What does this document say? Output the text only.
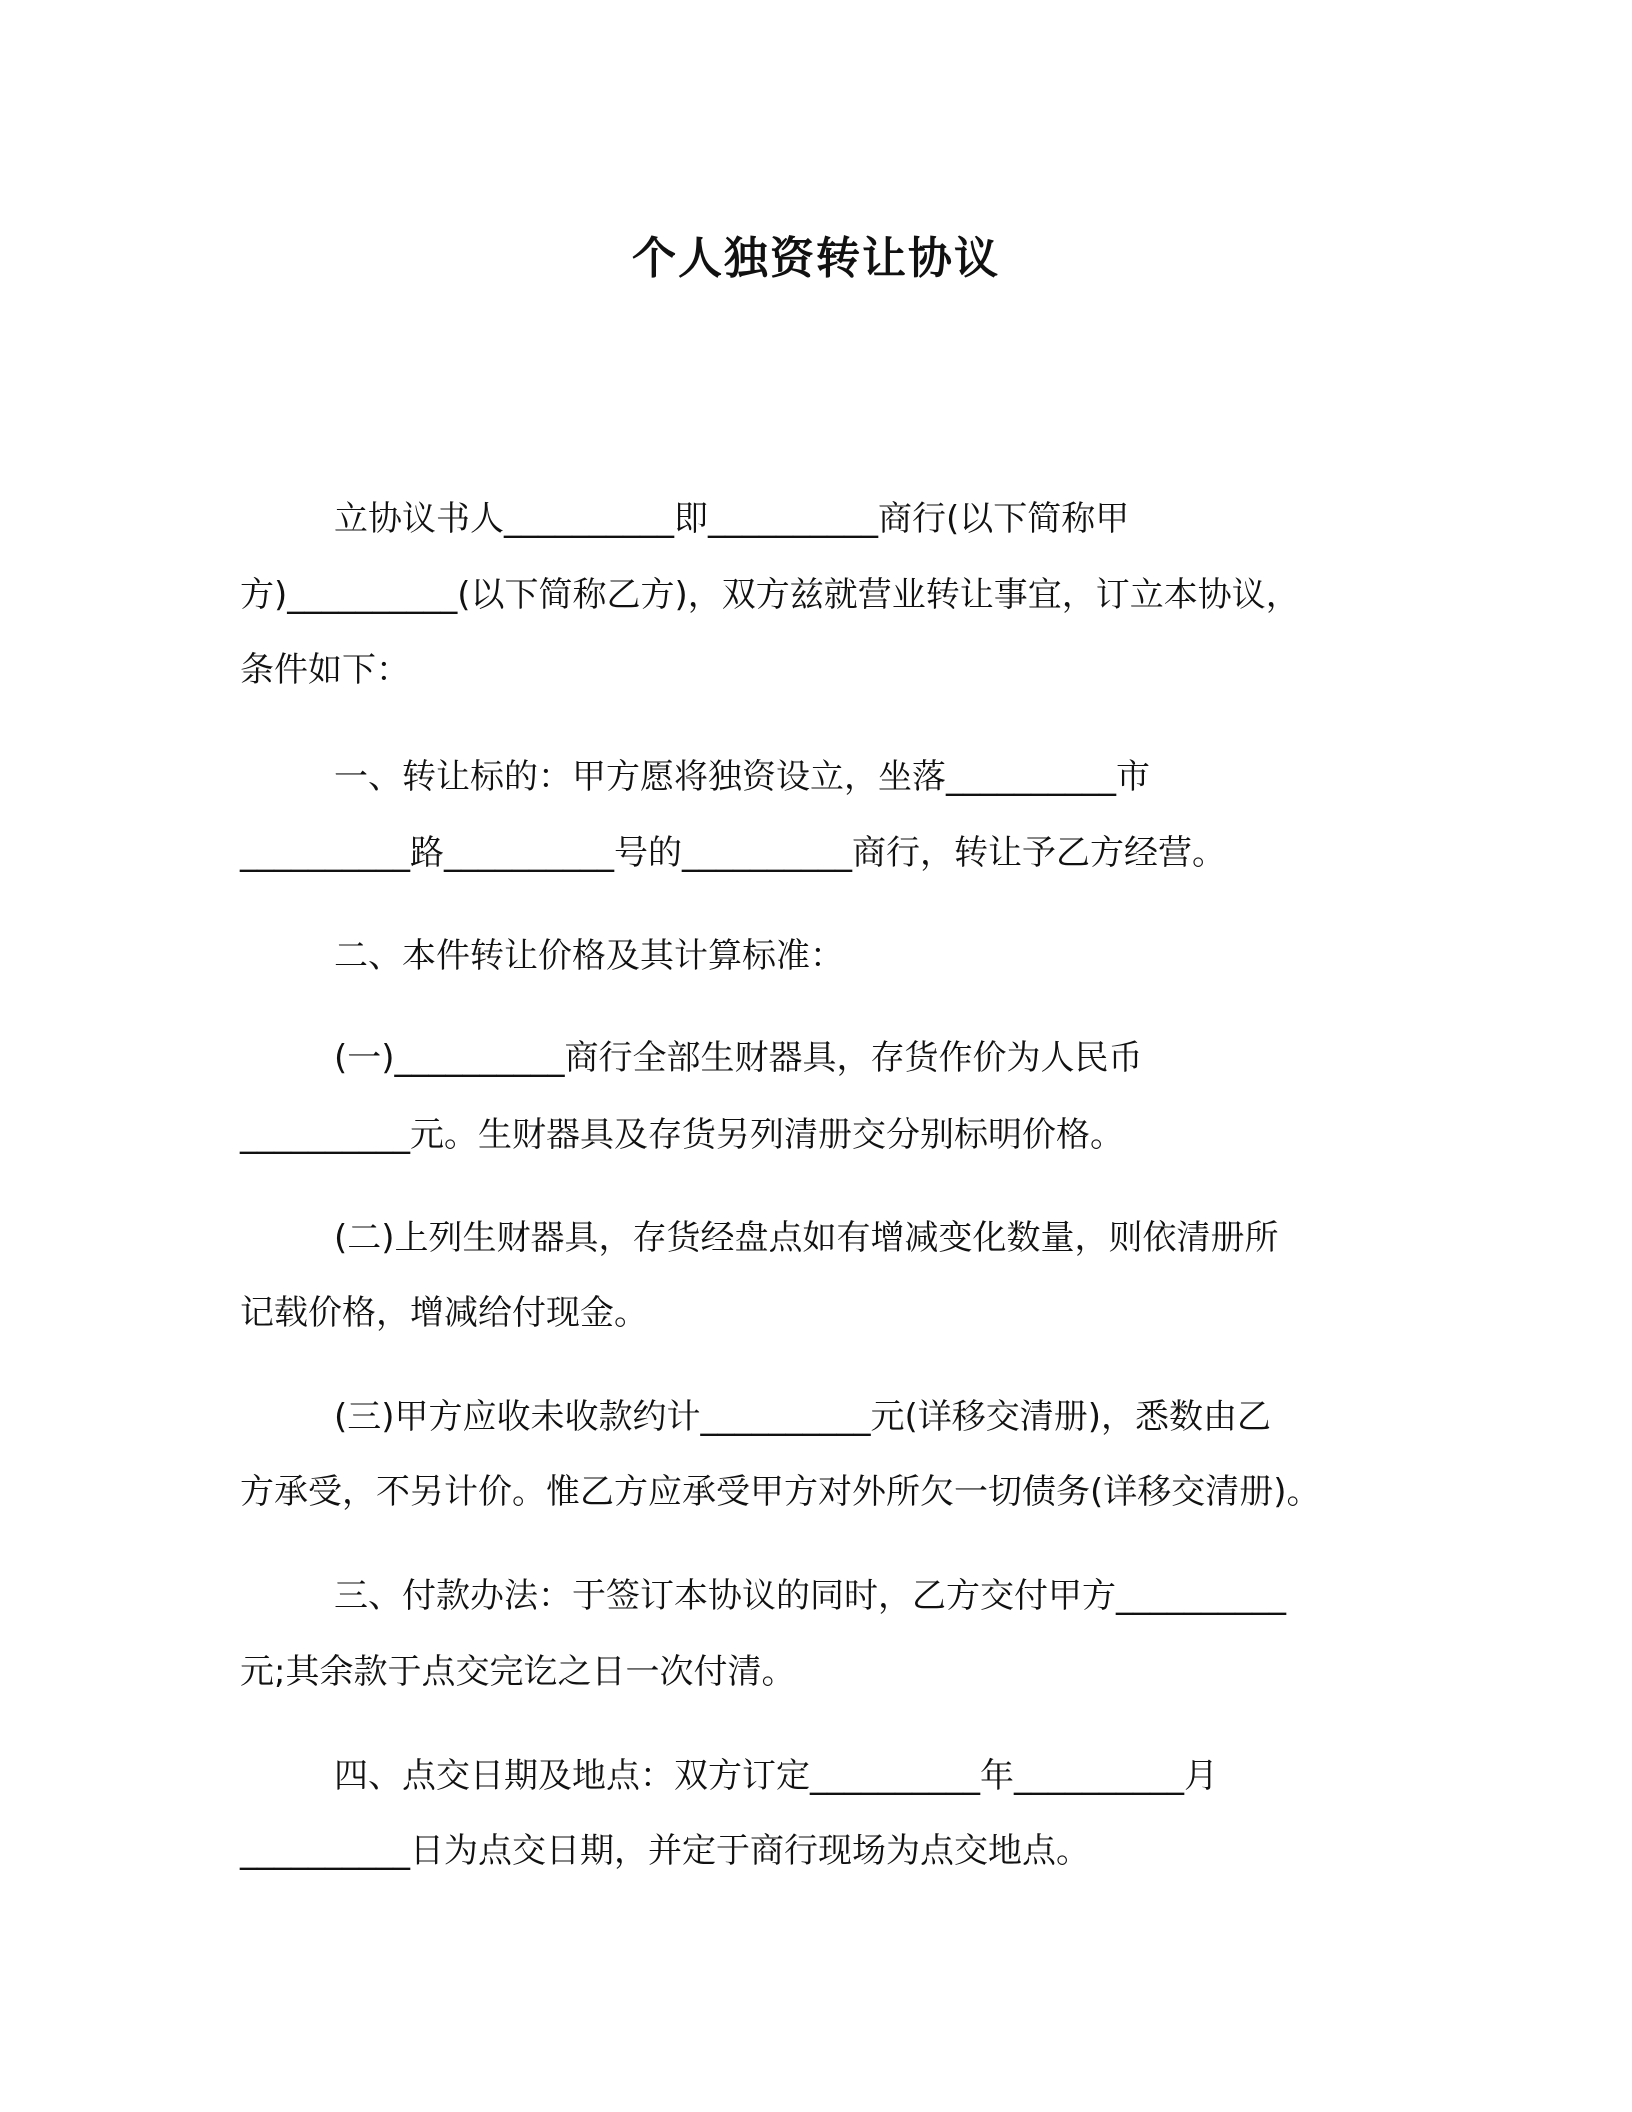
个人独资转让协议
立协议书人__________即__________商行(以下简称甲
方)__________(以下简称乙方)，双方兹就营业转让事宜，订立本协议，
条件如下：
一、转让标的：甲方愿将独资设立，坐落__________市
__________路__________号的__________商行，转让予乙方经营。
二、本件转让价格及其计算标准：
(一)__________商行全部生财器具，存货作价为人民币
__________元。生财器具及存货另列清册交分别标明价格。
(二)上列生财器具，存货经盘点如有增减变化数量，则依清册所
记载价格，增减给付现金。
(三)甲方应收未收款约计__________元(详移交清册)，悉数由乙
方承受，不另计价。惟乙方应承受甲方对外所欠一切债务(详移交清册)。
三、付款办法：于签订本协议的同时，乙方交付甲方__________
元;其余款于点交完讫之日一次付清。
四、点交日期及地点：双方订定__________年__________月
__________日为点交日期，并定于商行现场为点交地点。
